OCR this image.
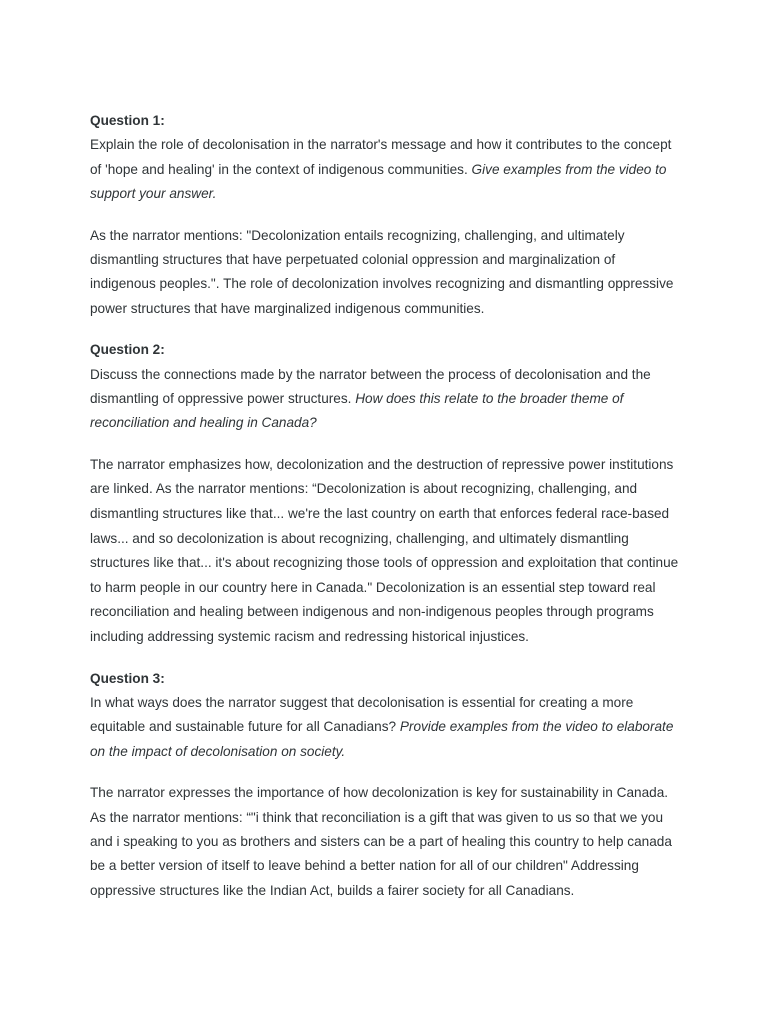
Question 1:

Explain the role of decolonisation in the narrator's message and how it contributes to the concept of 'hope and healing' in the context of indigenous communities. Give examples from the video to support your answer.

As the narrator mentions: "Decolonization entails recognizing, challenging, and ultimately dismantling structures that have perpetuated colonial oppression and marginalization of indigenous peoples.". The role of decolonization involves recognizing and dismantling oppressive power structures that have marginalized indigenous communities.

Question 2:

Discuss the connections made by the narrator between the process of decolonisation and the dismantling of oppressive power structures. How does this relate to the broader theme of reconciliation and healing in Canada?

The narrator emphasizes how, decolonization and the destruction of repressive power institutions are linked. As the narrator mentions: “Decolonization is about recognizing, challenging, and dismantling structures like that... we're the last country on earth that enforces federal race-based laws... and so decolonization is about recognizing, challenging, and ultimately dismantling structures like that... it's about recognizing those tools of oppression and exploitation that continue to harm people in our country here in Canada." Decolonization is an essential step toward real reconciliation and healing between indigenous and non-indigenous peoples through programs including addressing systemic racism and redressing historical injustices.

Question 3:

In what ways does the narrator suggest that decolonisation is essential for creating a more equitable and sustainable future for all Canadians? Provide examples from the video to elaborate on the impact of decolonisation on society.

The narrator expresses the importance of how decolonization is key for sustainability in Canada. As the narrator mentions: “"i think that reconciliation is a gift that was given to us so that we you and i speaking to you as brothers and sisters can be a part of healing this country to help canada be a better version of itself to leave behind a better nation for all of our children" Addressing oppressive structures like the Indian Act, builds a fairer society for all Canadians.
